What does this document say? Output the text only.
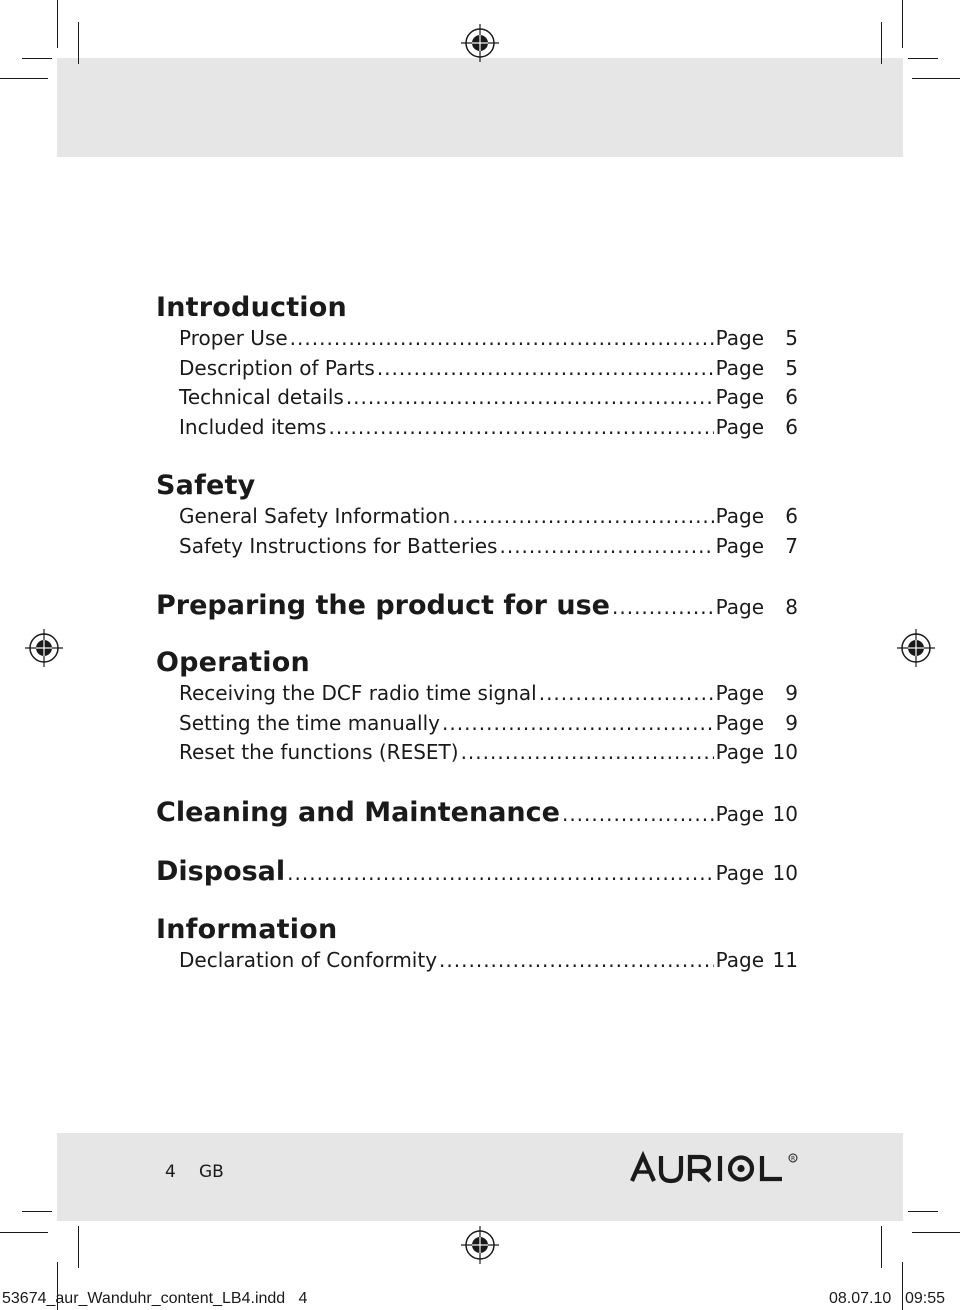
Introduction
Proper Use .....	Page	5
Description of Parts .....	Page	5
Technical details .....	Page	6
Included items .....	Page	6
Safety
General Safety Information .....	Page	6
Safety Instructions for Batteries .....	Page	7
Preparing the product for use .....	Page	8
Operation
Receiving the DCF radio time signal .....	Page	9
Setting the time manually .....	Page	9
Reset the functions (RESET) .....	Page 10
Cleaning and Maintenance .....	Page 10
Disposal .....	Page 10
Information
Declaration of Conformity .....	Page 11
4 GB
R
AURIOL
53674_aur_Wanduhr_content_LB4.indd   4	08.07.10 09:55
